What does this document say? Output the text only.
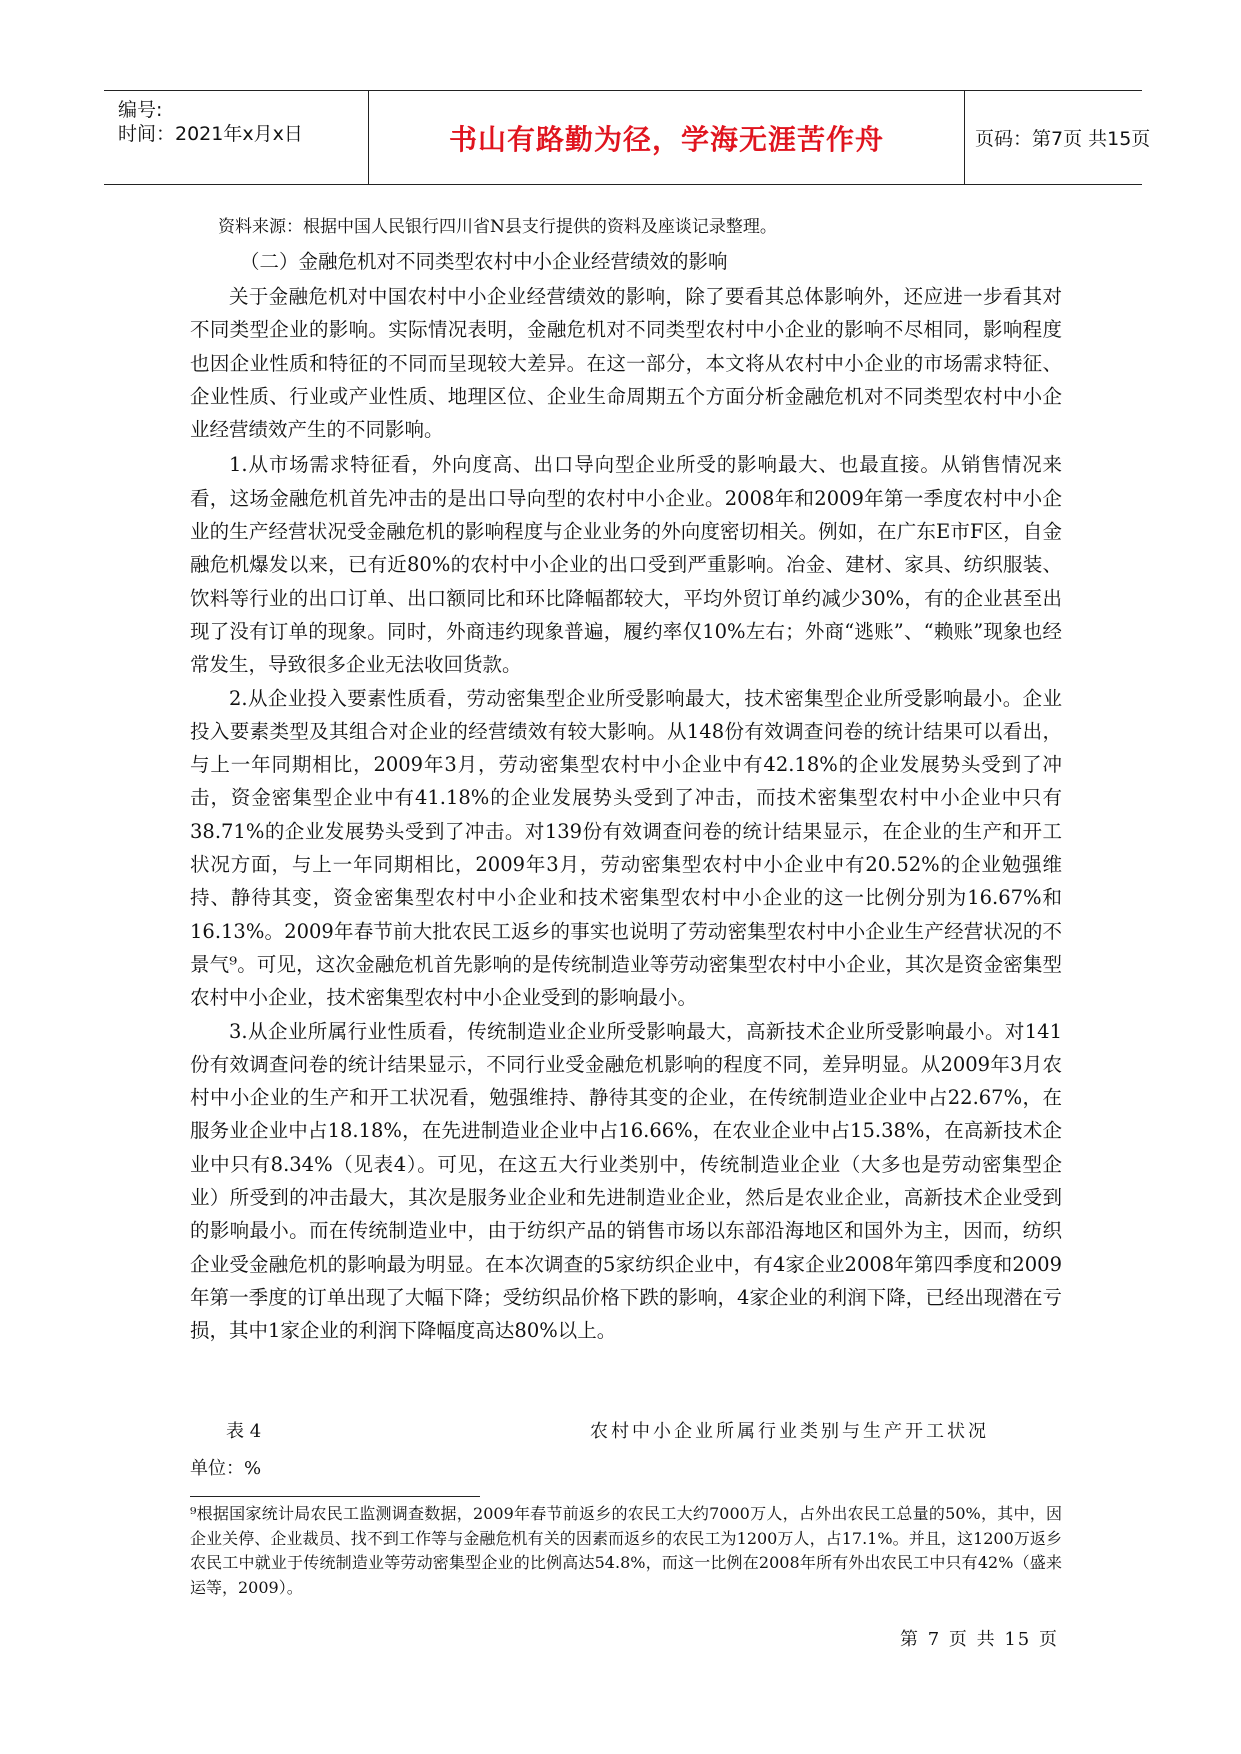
编号:
时间：2021年x月x日	书山有路勤为径，学海无涯苦作舟	页码：第7页 共15页
资料来源：根据中国人民银行四川省N县支行提供的资料及座谈记录整理。
（二）金融危机对不同类型农村中小企业经营绩效的影响

关于金融危机对中国农村中小企业经营绩效的影响，除了要看其总体影响外，还应进一步看其对不同类型企业的影响。实际情况表明，金融危机对不同类型农村中小企业的影响不尽相同，影响程度也因企业性质和特征的不同而呈现较大差异。在这一部分，本文将从农村中小企业的市场需求特征、企业性质、行业或产业性质、地理区位、企业生命周期五个方面分析金融危机对不同类型农村中小企业经营绩效产生的不同影响。

1.从市场需求特征看，外向度高、出口导向型企业所受的影响最大、也最直接。从销售情况来看，这场金融危机首先冲击的是出口导向型的农村中小企业。2008年和2009年第一季度农村中小企业的生产经营状况受金融危机的影响程度与企业业务的外向度密切相关。例如，在广东E市F区，自金融危机爆发以来，已有近80%的农村中小企业的出口受到严重影响。冶金、建材、家具、纺织服装、饮料等行业的出口订单、出口额同比和环比降幅都较大，平均外贸订单约减少30%，有的企业甚至出现了没有订单的现象。同时，外商违约现象普遍，履约率仅10%左右；外商“逃账”、“赖账”现象也经常发生，导致很多企业无法收回货款。

2.从企业投入要素性质看，劳动密集型企业所受影响最大，技术密集型企业所受影响最小。企业投入要素类型及其组合对企业的经营绩效有较大影响。从148份有效调查问卷的统计结果可以看出，与上一年同期相比，2009年3月，劳动密集型农村中小企业中有42.18%的企业发展势头受到了冲击，资金密集型企业中有41.18%的企业发展势头受到了冲击，而技术密集型农村中小企业中只有38.71%的企业发展势头受到了冲击。对139份有效调查问卷的统计结果显示，在企业的生产和开工状况方面，与上一年同期相比，2009年3月，劳动密集型农村中小企业中有20.52%的企业勉强维持、静待其变，资金密集型农村中小企业和技术密集型农村中小企业的这一比例分别为16.67%和16.13%。2009年春节前大批农民工返乡的事实也说明了劳动密集型农村中小企业生产经营状况的不景气⁹。可见，这次金融危机首先影响的是传统制造业等劳动密集型农村中小企业，其次是资金密集型农村中小企业，技术密集型农村中小企业受到的影响最小。

3.从企业所属行业性质看，传统制造业企业所受影响最大，高新技术企业所受影响最小。对141份有效调查问卷的统计结果显示，不同行业受金融危机影响的程度不同，差异明显。从2009年3月农村中小企业的生产和开工状况看，勉强维持、静待其变的企业，在传统制造业企业中占22.67%，在服务业企业中占18.18%，在先进制造业企业中占16.66%，在农业企业中占15.38%，在高新技术企业中只有8.34%（见表4）。可见，在这五大行业类别中，传统制造业企业（大多也是劳动密集型企业）所受到的冲击最大，其次是服务业企业和先进制造业企业，然后是农业企业，高新技术企业受到的影响最小。而在传统制造业中，由于纺织产品的销售市场以东部沿海地区和国外为主，因而，纺织企业受金融危机的影响最为明显。在本次调查的5家纺织企业中，有4家企业2008年第四季度和2009年第一季度的订单出现了大幅下降；受纺织品价格下跌的影响，4家企业的利润下降，已经出现潜在亏损，其中1家企业的利润下降幅度高达80%以上。

表 4	农村中小企业所属行业类别与生产开工状况
单位：%
⁹根据国家统计局农民工监测调查数据，2009年春节前返乡的农民工大约7000万人，占外出农民工总量的50%，其中，因企业关停、企业裁员、找不到工作等与金融危机有关的因素而返乡的农民工为1200万人，占17.1%。并且，这1200万返乡农民工中就业于传统制造业等劳动密集型企业的比例高达54.8%，而这一比例在2008年所有外出农民工中只有42%（盛来运等，2009）。
第 7 页 共 15 页
